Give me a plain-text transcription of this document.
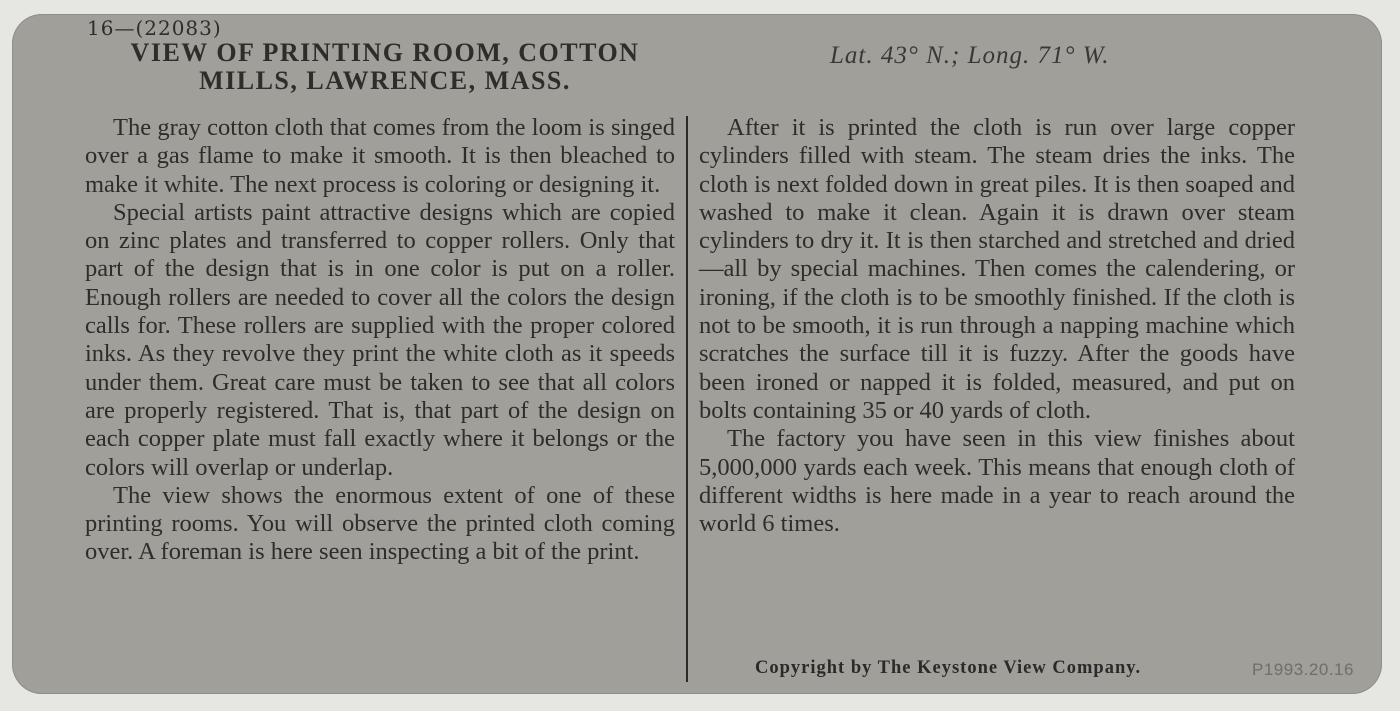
16—(22083)
VIEW OF PRINTING ROOM, COTTON MILLS, LAWRENCE, MASS.
Lat. 43° N.; Long. 71° W.

The gray cotton cloth that comes from the loom is singed over a gas flame to make it smooth. It is then bleached to make it white. The next process is coloring or designing it.

Special artists paint attractive designs which are copied on zinc plates and transferred to copper rollers. Only that part of the design that is in one color is put on a roller. Enough rollers are needed to cover all the colors the design calls for. These rollers are supplied with the proper colored inks. As they revolve they print the white cloth as it speeds under them. Great care must be taken to see that all colors are properly registered. That is, that part of the design on each copper plate must fall exactly where it belongs or the colors will overlap or underlap.

The view shows the enormous extent of one of these printing rooms. You will observe the printed cloth coming over. A foreman is here seen inspecting a bit of the print.

After it is printed the cloth is run over large copper cylinders filled with steam. The steam dries the inks. The cloth is next folded down in great piles. It is then soaped and washed to make it clean. Again it is drawn over steam cylinders to dry it. It is then starched and stretched and dried—all by special machines. Then comes the calendering, or ironing, if the cloth is to be smoothly finished. If the cloth is not to be smooth, it is run through a napping machine which scratches the surface till it is fuzzy. After the goods have been ironed or napped it is folded, measured, and put on bolts containing 35 or 40 yards of cloth.

The factory you have seen in this view finishes about 5,000,000 yards each week. This means that enough cloth of different widths is here made in a year to reach around the world 6 times.

Copyright by The Keystone View Company.	P1993.20.16
